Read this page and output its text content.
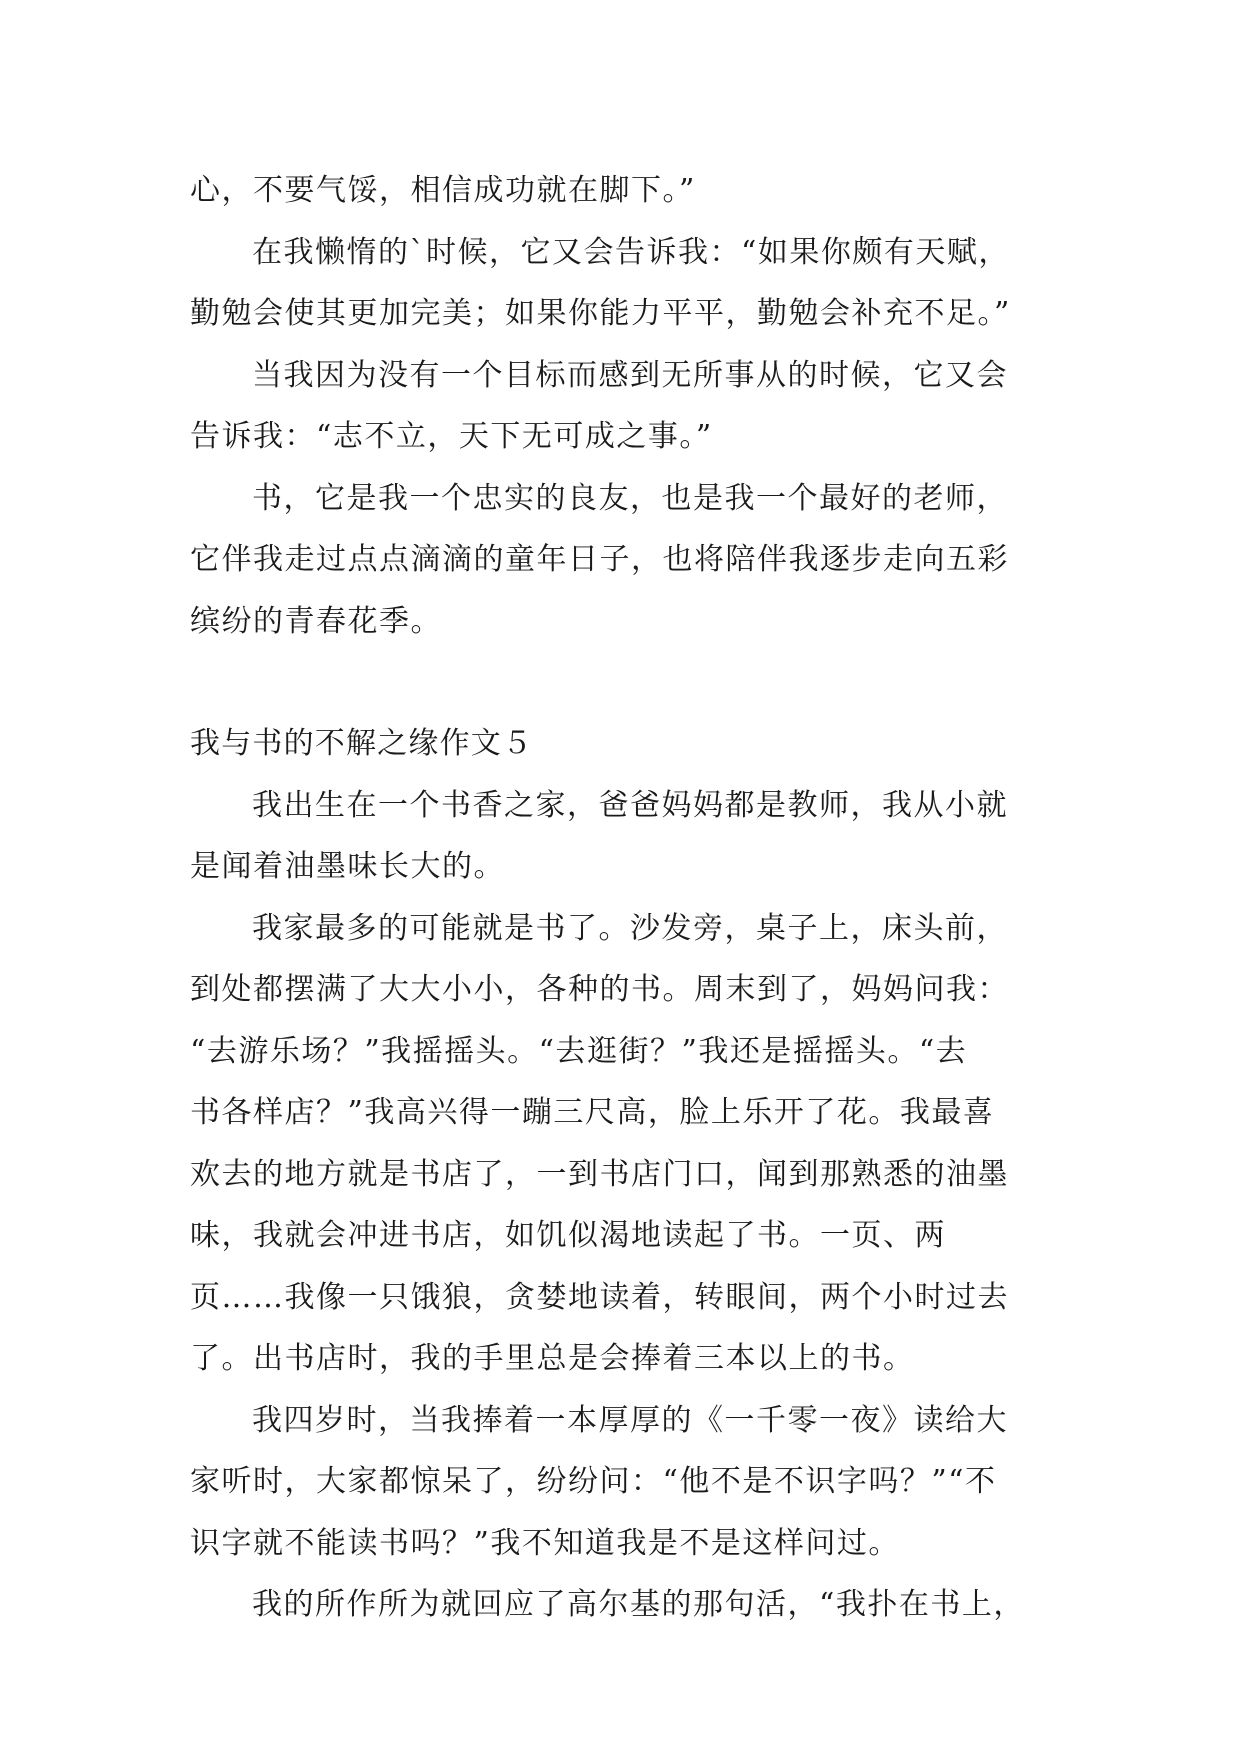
心，不要气馁，相信成功就在脚下。”
在我懒惰的`时候，它又会告诉我：“如果你颇有天赋，
勤勉会使其更加完美；如果你能力平平，勤勉会补充不足。”
当我因为没有一个目标而感到无所事从的时候，它又会
告诉我：“志不立，天下无可成之事。”
书，它是我一个忠实的良友，也是我一个最好的老师，
它伴我走过点点滴滴的童年日子，也将陪伴我逐步走向五彩
缤纷的青春花季。
我与书的不解之缘作文５
我出生在一个书香之家，爸爸妈妈都是教师，我从小就
是闻着油墨味长大的。
我家最多的可能就是书了。沙发旁，桌子上，床头前，
到处都摆满了大大小小，各种的书。周末到了，妈妈问我：
“去游乐场？”我摇摇头。“去逛街？”我还是摇摇头。“去
书各样店？”我高兴得一蹦三尺高，脸上乐开了花。我最喜
欢去的地方就是书店了，一到书店门口，闻到那熟悉的油墨
味，我就会冲进书店，如饥似渴地读起了书。一页、两
页……我像一只饿狼，贪婪地读着，转眼间，两个小时过去
了。出书店时，我的手里总是会捧着三本以上的书。
我四岁时，当我捧着一本厚厚的《一千零一夜》读给大
家听时，大家都惊呆了，纷纷问：“他不是不识字吗？”“不
识字就不能读书吗？”我不知道我是不是这样问过。
我的所作所为就回应了高尔基的那句活，“我扑在书上，
